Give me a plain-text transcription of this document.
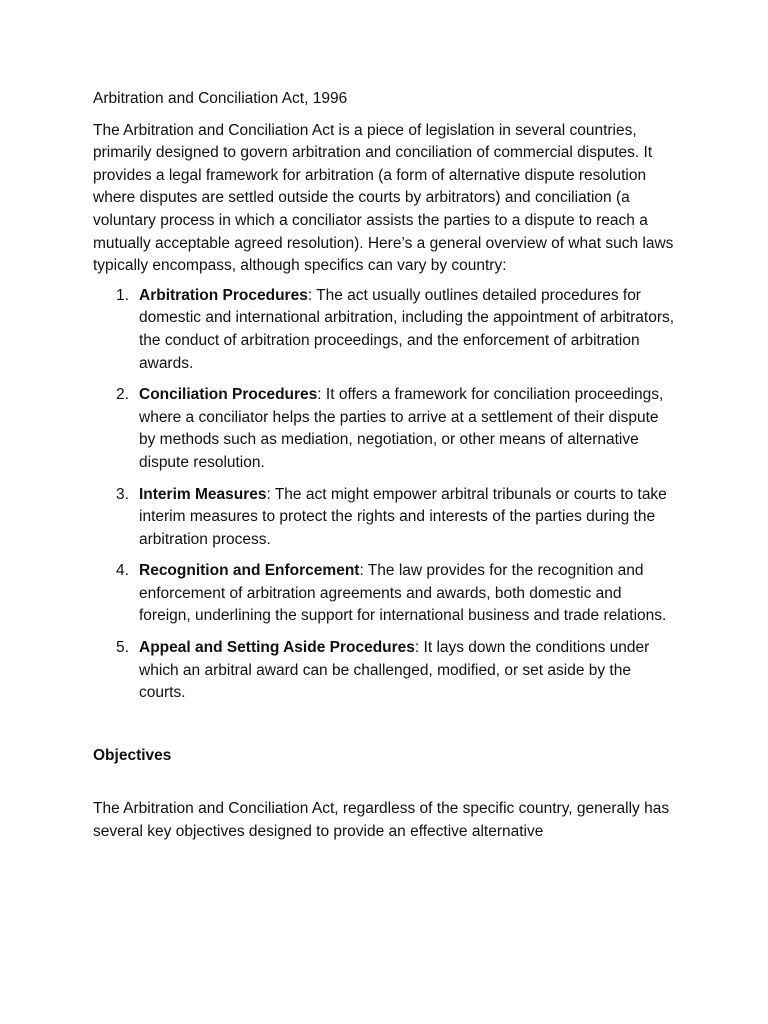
Arbitration and Conciliation Act, 1996

The Arbitration and Conciliation Act is a piece of legislation in several countries, primarily designed to govern arbitration and conciliation of commercial disputes. It provides a legal framework for arbitration (a form of alternative dispute resolution where disputes are settled outside the courts by arbitrators) and conciliation (a voluntary process in which a conciliator assists the parties to a dispute to reach a mutually acceptable agreed resolution). Here’s a general overview of what such laws typically encompass, although specifics can vary by country:

1. Arbitration Procedures: The act usually outlines detailed procedures for domestic and international arbitration, including the appointment of arbitrators, the conduct of arbitration proceedings, and the enforcement of arbitration awards.
2. Conciliation Procedures: It offers a framework for conciliation proceedings, where a conciliator helps the parties to arrive at a settlement of their dispute by methods such as mediation, negotiation, or other means of alternative dispute resolution.
3. Interim Measures: The act might empower arbitral tribunals or courts to take interim measures to protect the rights and interests of the parties during the arbitration process.
4. Recognition and Enforcement: The law provides for the recognition and enforcement of arbitration agreements and awards, both domestic and foreign, underlining the support for international business and trade relations.
5. Appeal and Setting Aside Procedures: It lays down the conditions under which an arbitral award can be challenged, modified, or set aside by the courts.

Objectives

The Arbitration and Conciliation Act, regardless of the specific country, generally has several key objectives designed to provide an effective alternative
